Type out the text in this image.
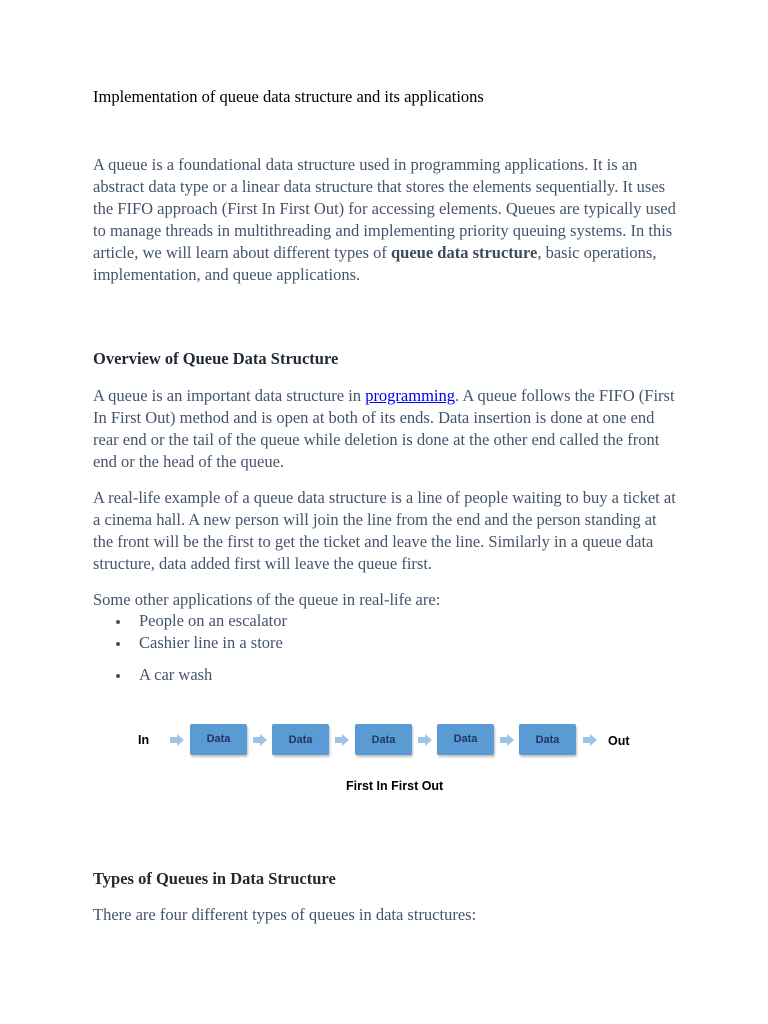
Implementation of queue data structure and its applications

A queue is a foundational data structure used in programming applications. It is an abstract data type or a linear data structure that stores the elements sequentially. It uses the FIFO approach (First In First Out) for accessing elements. Queues are typically used to manage threads in multithreading and implementing priority queuing systems. In this article, we will learn about different types of queue data structure, basic operations, implementation, and queue applications.

Overview of Queue Data Structure

A queue is an important data structure in programming. A queue follows the FIFO (First In First Out) method and is open at both of its ends. Data insertion is done at one end rear end or the tail of the queue while deletion is done at the other end called the front end or the head of the queue.

A real-life example of a queue data structure is a line of people waiting to buy a ticket at a cinema hall. A new person will join the line from the end and the person standing at the front will be the first to get the ticket and leave the line. Similarly in a queue data structure, data added first will leave the queue first.

Some other applications of the queue in real-life are:

People on an escalator
Cashier line in a store
A car wash
Types of Queues in Data Structure

There are four different types of queues in data structures:

In	Data	Data	Data	Data	Data	Out
First In First Out
